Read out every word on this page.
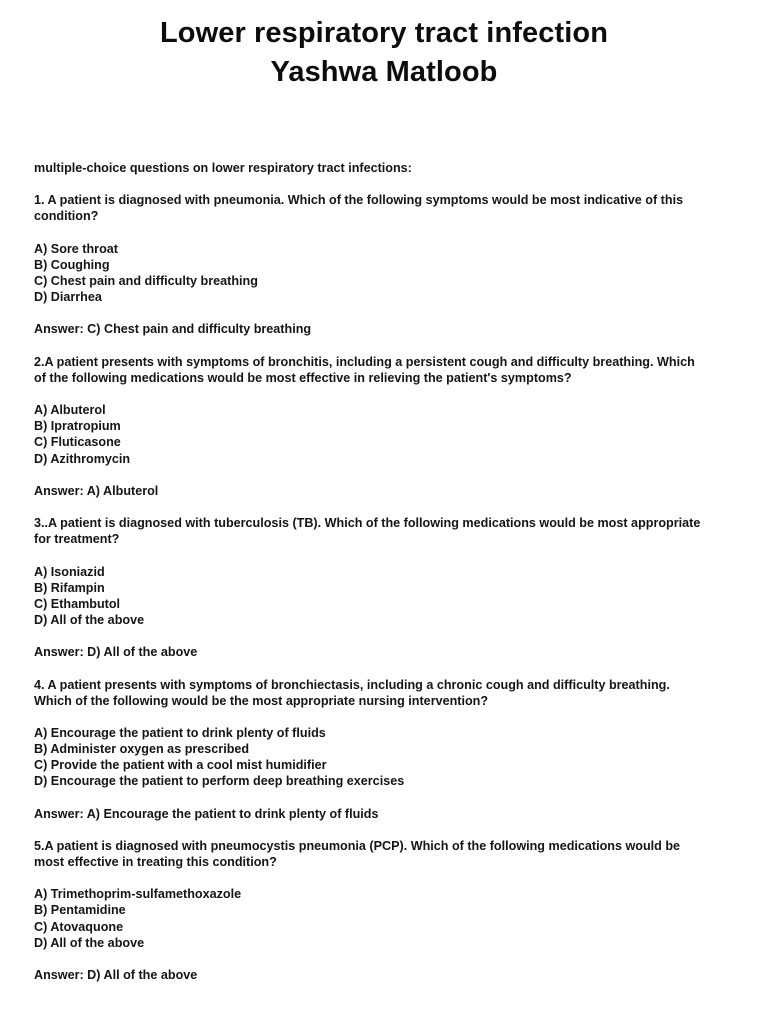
Lower respiratory tract infection
Yashwa Matloob
multiple-choice questions on lower respiratory tract infections:
1. A patient is diagnosed with pneumonia. Which of the following symptoms would be most indicative of this
condition?
A) Sore throat
B) Coughing
C) Chest pain and difficulty breathing
D) Diarrhea
Answer: C) Chest pain and difficulty breathing
2.A patient presents with symptoms of bronchitis, including a persistent cough and difficulty breathing. Which
of the following medications would be most effective in relieving the patient's symptoms?
A) Albuterol
B) Ipratropium
C) Fluticasone
D) Azithromycin
Answer: A) Albuterol
3..A patient is diagnosed with tuberculosis (TB). Which of the following medications would be most appropriate
for treatment?
A) Isoniazid
B) Rifampin
C) Ethambutol
D) All of the above
Answer: D) All of the above
4. A patient presents with symptoms of bronchiectasis, including a chronic cough and difficulty breathing.
Which of the following would be the most appropriate nursing intervention?
A) Encourage the patient to drink plenty of fluids
B) Administer oxygen as prescribed
C) Provide the patient with a cool mist humidifier
D) Encourage the patient to perform deep breathing exercises
Answer: A) Encourage the patient to drink plenty of fluids
5.A patient is diagnosed with pneumocystis pneumonia (PCP). Which of the following medications would be
most effective in treating this condition?
A) Trimethoprim-sulfamethoxazole
B) Pentamidine
C) Atovaquone
D) All of the above
Answer: D) All of the above
